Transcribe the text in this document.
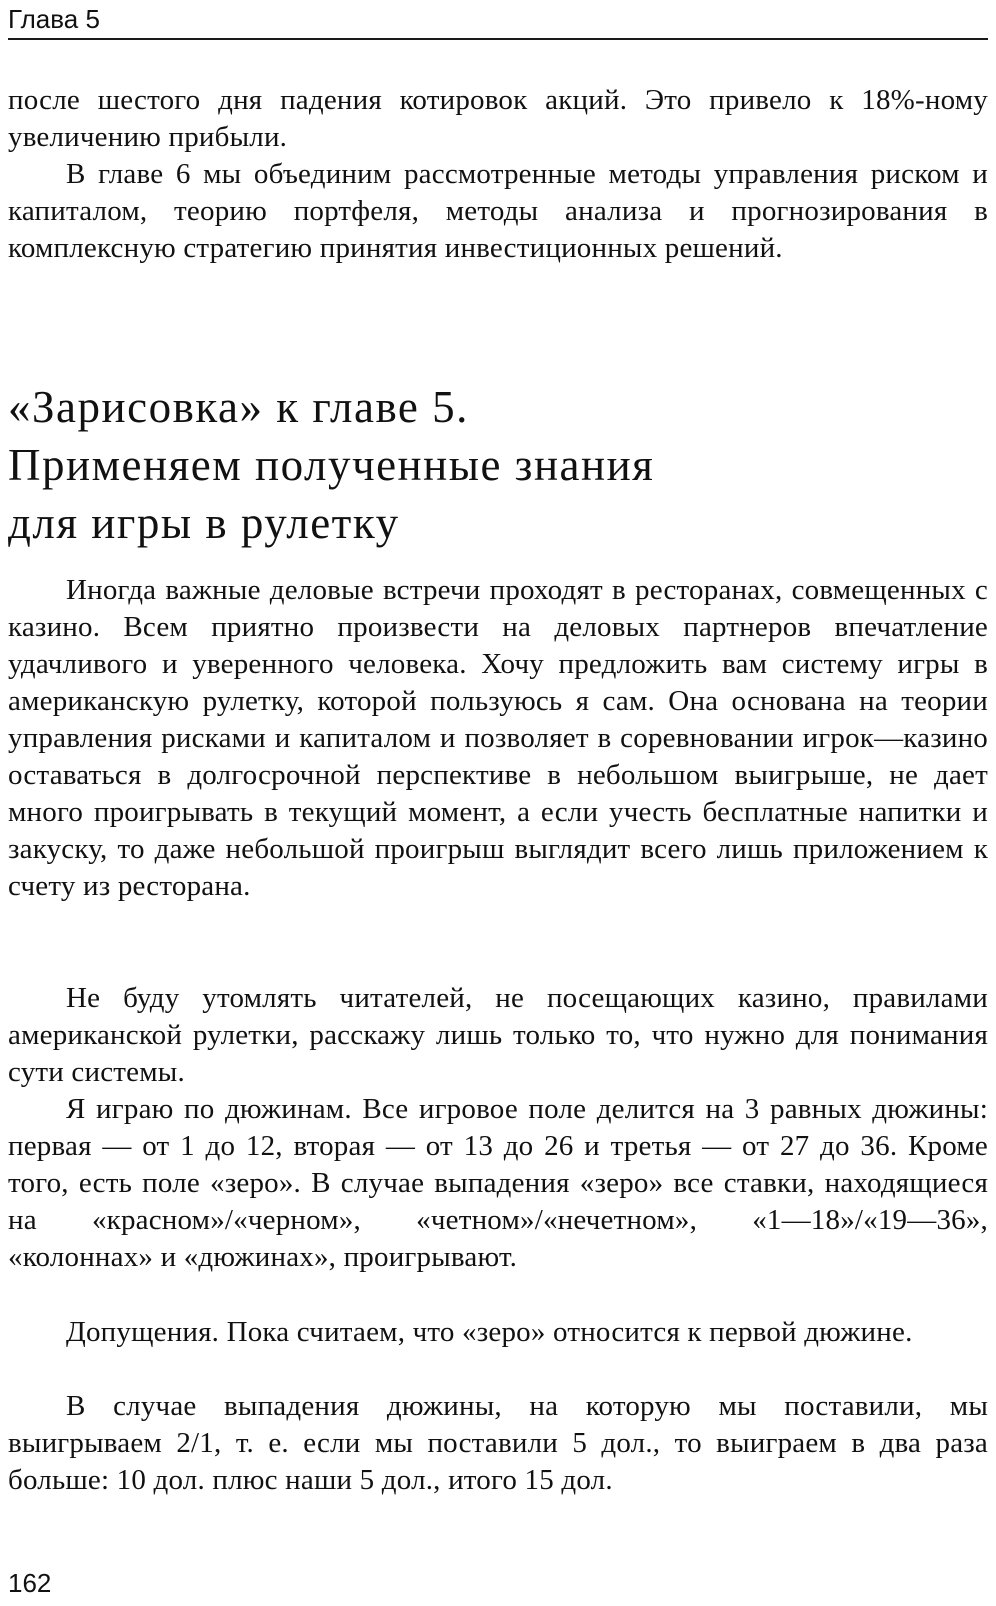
Глава 5

после шестого дня падения котировок акций. Это привело к 18%-ному увеличению прибыли.

В главе 6 мы объединим рассмотренные методы управления риском и капиталом, теорию портфеля, методы анализа и прогнозирования в комплексную стратегию принятия инвестиционных решений.

«Зарисовка» к главе 5.
Применяем полученные знания
для игры в рулетку

Иногда важные деловые встречи проходят в ресторанах, совмещенных с казино. Всем приятно произвести на деловых партнеров впечатление удачливого и уверенного человека. Хочу предложить вам систему игры в американскую рулетку, которой пользуюсь я сам. Она основана на теории управления рисками и капиталом и позволяет в соревновании игрок—казино оставаться в долгосрочной перспективе в небольшом выигрыше, не дает много проигрывать в текущий момент, а если учесть бесплатные напитки и закуску, то даже небольшой проигрыш выглядит всего лишь приложением к счету из ресторана.

Не буду утомлять читателей, не посещающих казино, правилами американской рулетки, расскажу лишь только то, что нужно для понимания сути системы.

Я играю по дюжинам. Все игровое поле делится на 3 равных дюжины: первая — от 1 до 12, вторая — от 13 до 26 и третья — от 27 до 36. Кроме того, есть поле «зеро». В случае выпадения «зеро» все ставки, находящиеся на «красном»/«черном», «четном»/«нечетном», «1—18»/«19—36», «колоннах» и «дюжинах», проигрывают.

Допущения. Пока считаем, что «зеро» относится к первой дюжине.

В случае выпадения дюжины, на которую мы поставили, мы выигрываем 2/1, т. е. если мы поставили 5 дол., то выиграем в два раза больше: 10 дол. плюс наши 5 дол., итого 15 дол.

162
